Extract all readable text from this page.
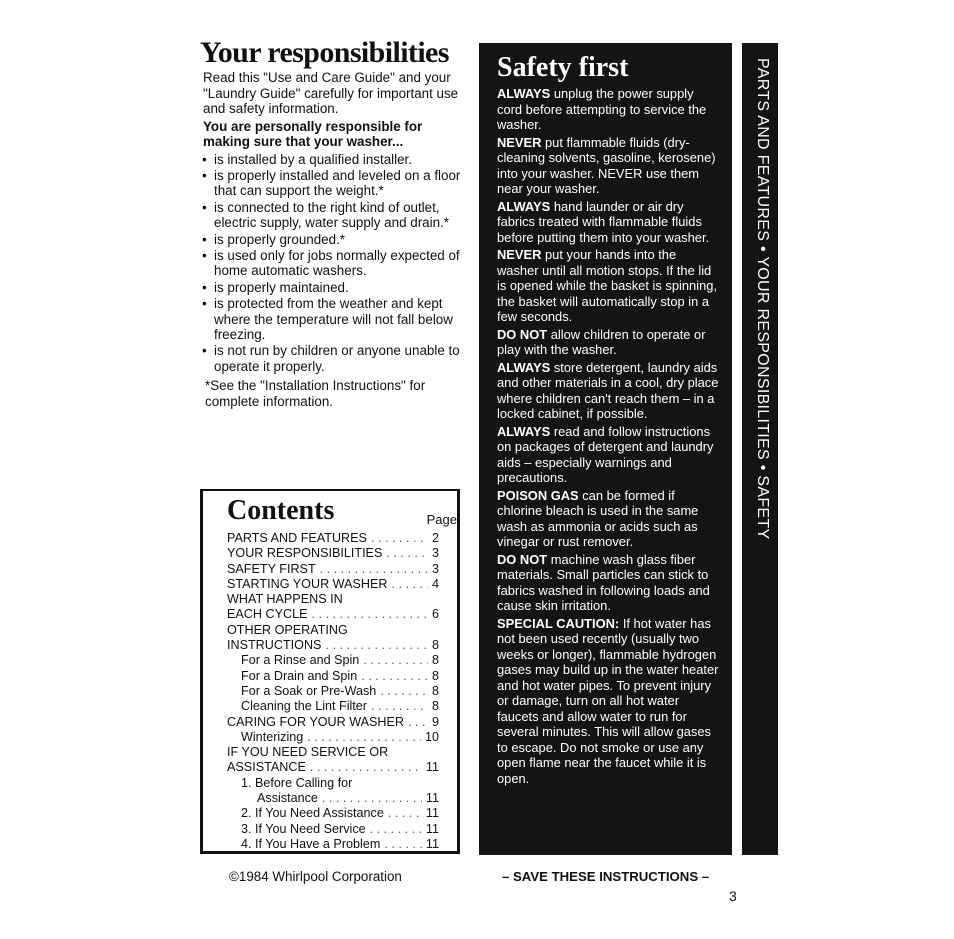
Your responsibilities

Read this "Use and Care Guide" and your "Laundry Guide" carefully for important use and safety information.

You are personally responsible for making sure that your washer...

• is installed by a qualified installer.
• is properly installed and leveled on a floor that can support the weight.*
• is connected to the right kind of outlet, electric supply, water supply and drain.*
• is properly grounded.*
• is used only for jobs normally expected of home automatic washers.
• is properly maintained.
• is protected from the weather and kept where the temperature will not fall below freezing.
• is not run by children or anyone unable to operate it properly.

*See the "Installation Instructions" for complete information.

Contents	Page
PARTS AND FEATURES . . .	2
YOUR RESPONSIBILITIES . . .	3
SAFETY FIRST . . .	3
STARTING YOUR WASHER . . .	4
WHAT HAPPENS IN
EACH CYCLE . . .	6
OTHER OPERATING
INSTRUCTIONS . . .	8
For a Rinse and Spin . . .	8
For a Drain and Spin . . .	8
For a Soak or Pre-Wash . . .	8
Cleaning the Lint Filter . . .	8
CARING FOR YOUR WASHER . . . 9
Winterizing . . .	10
IF YOU NEED SERVICE OR
ASSISTANCE . . .	11
1. Before Calling for
Assistance . . .	11
2. If You Need Assistance . . .	11
3. If You Need Service . . .	11
4. If You Have a Problem . . .	11
©1984 Whirlpool Corporation
Safety first

ALWAYS unplug the power supply cord before attempting to service the washer.

NEVER put flammable fluids (dry-cleaning solvents, gasoline, kerosene) into your washer. NEVER use them near your washer.

ALWAYS hand launder or air dry fabrics treated with flammable fluids before putting them into your washer.

NEVER put your hands into the washer until all motion stops. If the lid is opened while the basket is spinning, the basket will automatically stop in a few seconds.

DO NOT allow children to operate or play with the washer.

ALWAYS store detergent, laundry aids and other materials in a cool, dry place where children can't reach them – in a locked cabinet, if possible.

ALWAYS read and follow instructions on packages of detergent and laundry aids – especially warnings and precautions.

POISON GAS can be formed if chlorine bleach is used in the same wash as ammonia or acids such as vinegar or rust remover.

DO NOT machine wash glass fiber materials. Small particles can stick to fabrics washed in following loads and cause skin irritation.

SPECIAL CAUTION: If hot water has not been used recently (usually two weeks or longer), flammable hydrogen gases may build up in the water heater and hot water pipes. To prevent injury or damage, turn on all hot water faucets and allow water to run for several minutes. This will allow gases to escape. Do not smoke or use any open flame near the faucet while it is open.

PARTS AND FEATURES • YOUR RESPONSIBILITIES • SAFETY
– SAVE THESE INSTRUCTIONS –
3
